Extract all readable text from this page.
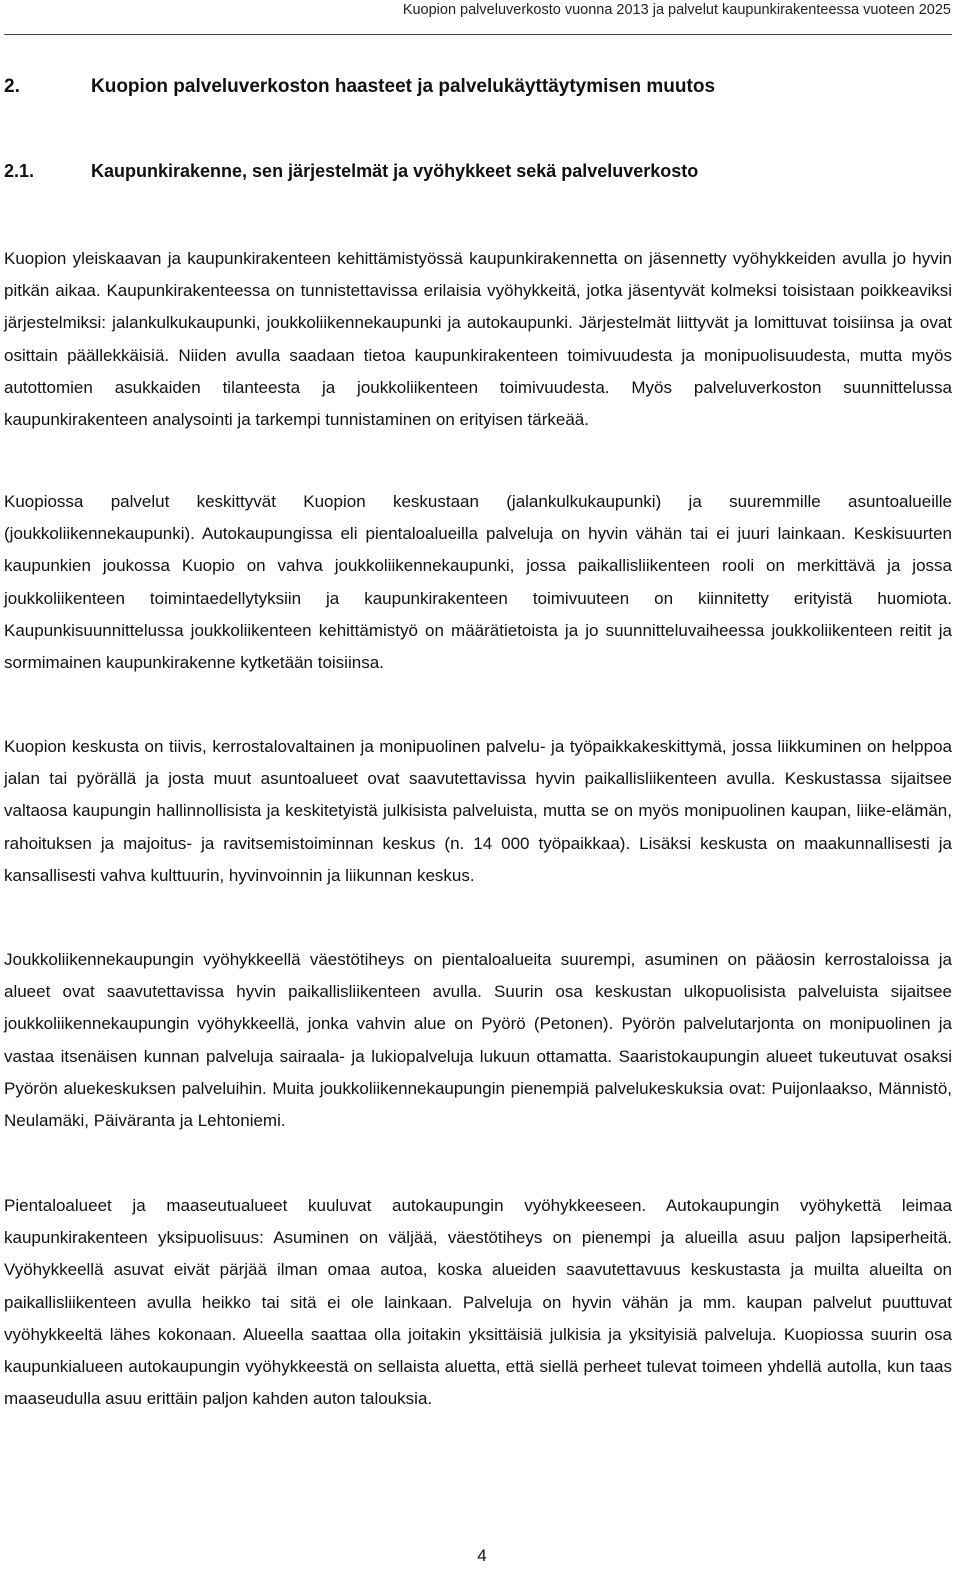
Kuopion palveluverkosto vuonna 2013 ja palvelut kaupunkirakenteessa vuoteen 2025
2.	Kuopion palveluverkoston haasteet ja palvelukäyttäytymisen muutos
2.1.	Kaupunkirakenne, sen järjestelmät ja vyöhykkeet sekä palveluverkosto

Kuopion yleiskaavan ja kaupunkirakenteen kehittämistyössä kaupunkirakennetta on jäsennetty vyöhykkeiden avulla jo hyvin pitkän aikaa. Kaupunkirakenteessa on tunnistettavissa erilaisia vyöhykkeitä, jotka jäsentyvät kolmeksi toisistaan poikkeaviksi järjestelmiksi: jalankulkukaupunki, joukkoliikennekaupunki ja autokaupunki. Järjestelmät liittyvät ja lomittuvat toisiinsa ja ovat osittain päällekkäisiä. Niiden avulla saadaan tietoa kaupunkirakenteen toimivuudesta ja monipuolisuudesta, mutta myös autottomien asukkaiden tilanteesta ja joukkoliikenteen toimivuudesta. Myös palveluverkoston suunnittelussa kaupunkirakenteen analysointi ja tarkempi tunnistaminen on erityisen tärkeää.

Kuopiossa palvelut keskittyvät Kuopion keskustaan (jalankulkukaupunki) ja suuremmille asuntoalueille (joukkoliikennekaupunki). Autokaupungissa eli pientaloalueilla palveluja on hyvin vähän tai ei juuri lainkaan. Keskisuurten kaupunkien joukossa Kuopio on vahva joukkoliikennekaupunki, jossa paikallisliikenteen rooli on merkittävä ja jossa joukkoliikenteen toimintaedellytyksiin ja kaupunkirakenteen toimivuuteen on kiinnitetty erityistä huomiota. Kaupunkisuunnittelussa joukkoliikenteen kehittämistyö on määrätietoista ja jo suunnitteluvaiheessa joukkoliikenteen reitit ja sormimainen kaupunkirakenne kytketään toisiinsa.

Kuopion keskusta on tiivis, kerrostalovaltainen ja monipuolinen palvelu- ja työpaikkakeskittymä, jossa liikkuminen on helppoa jalan tai pyörällä ja josta muut asuntoalueet ovat saavutettavissa hyvin paikallisliikenteen avulla. Keskustassa sijaitsee valtaosa kaupungin hallinnollisista ja keskitetyistä julkisista palveluista, mutta se on myös monipuolinen kaupan, liike-elämän, rahoituksen ja majoitus- ja ravitsemistoiminnan keskus (n. 14 000 työpaikkaa). Lisäksi keskusta on maakunnallisesti ja kansallisesti vahva kulttuurin, hyvinvoinnin ja liikunnan keskus.

Joukkoliikennekaupungin vyöhykkeellä väestötiheys on pientaloalueita suurempi, asuminen on pääosin kerrostaloissa ja alueet ovat saavutettavissa hyvin paikallisliikenteen avulla. Suurin osa keskustan ulkopuolisista palveluista sijaitsee joukkoliikennekaupungin vyöhykkeellä, jonka vahvin alue on Pyörö (Petonen). Pyörön palvelutarjonta on monipuolinen ja vastaa itsenäisen kunnan palveluja sairaala- ja lukiopalveluja lukuun ottamatta. Saaristokaupungin alueet tukeutuvat osaksi Pyörön aluekeskuksen palveluihin. Muita joukkoliikennekaupungin pienempiä palvelukeskuksia ovat: Puijonlaakso, Männistö, Neulamäki, Päiväranta ja Lehtoniemi.

Pientaloalueet ja maaseutualueet kuuluvat autokaupungin vyöhykkeeseen. Autokaupungin vyöhykettä leimaa kaupunkirakenteen yksipuolisuus: Asuminen on väljää, väestötiheys on pienempi ja alueilla asuu paljon lapsiperheitä. Vyöhykkeellä asuvat eivät pärjää ilman omaa autoa, koska alueiden saavutettavuus keskustasta ja muilta alueilta on paikallisliikenteen avulla heikko tai sitä ei ole lainkaan. Palveluja on hyvin vähän ja mm. kaupan palvelut puuttuvat vyöhykkeeltä lähes kokonaan. Alueella saattaa olla joitakin yksittäisiä julkisia ja yksityisiä palveluja. Kuopiossa suurin osa kaupunkialueen autokaupungin vyöhykkeestä on sellaista aluetta, että siellä perheet tulevat toimeen yhdellä autolla, kun taas maaseudulla asuu erittäin paljon kahden auton talouksia.

4
